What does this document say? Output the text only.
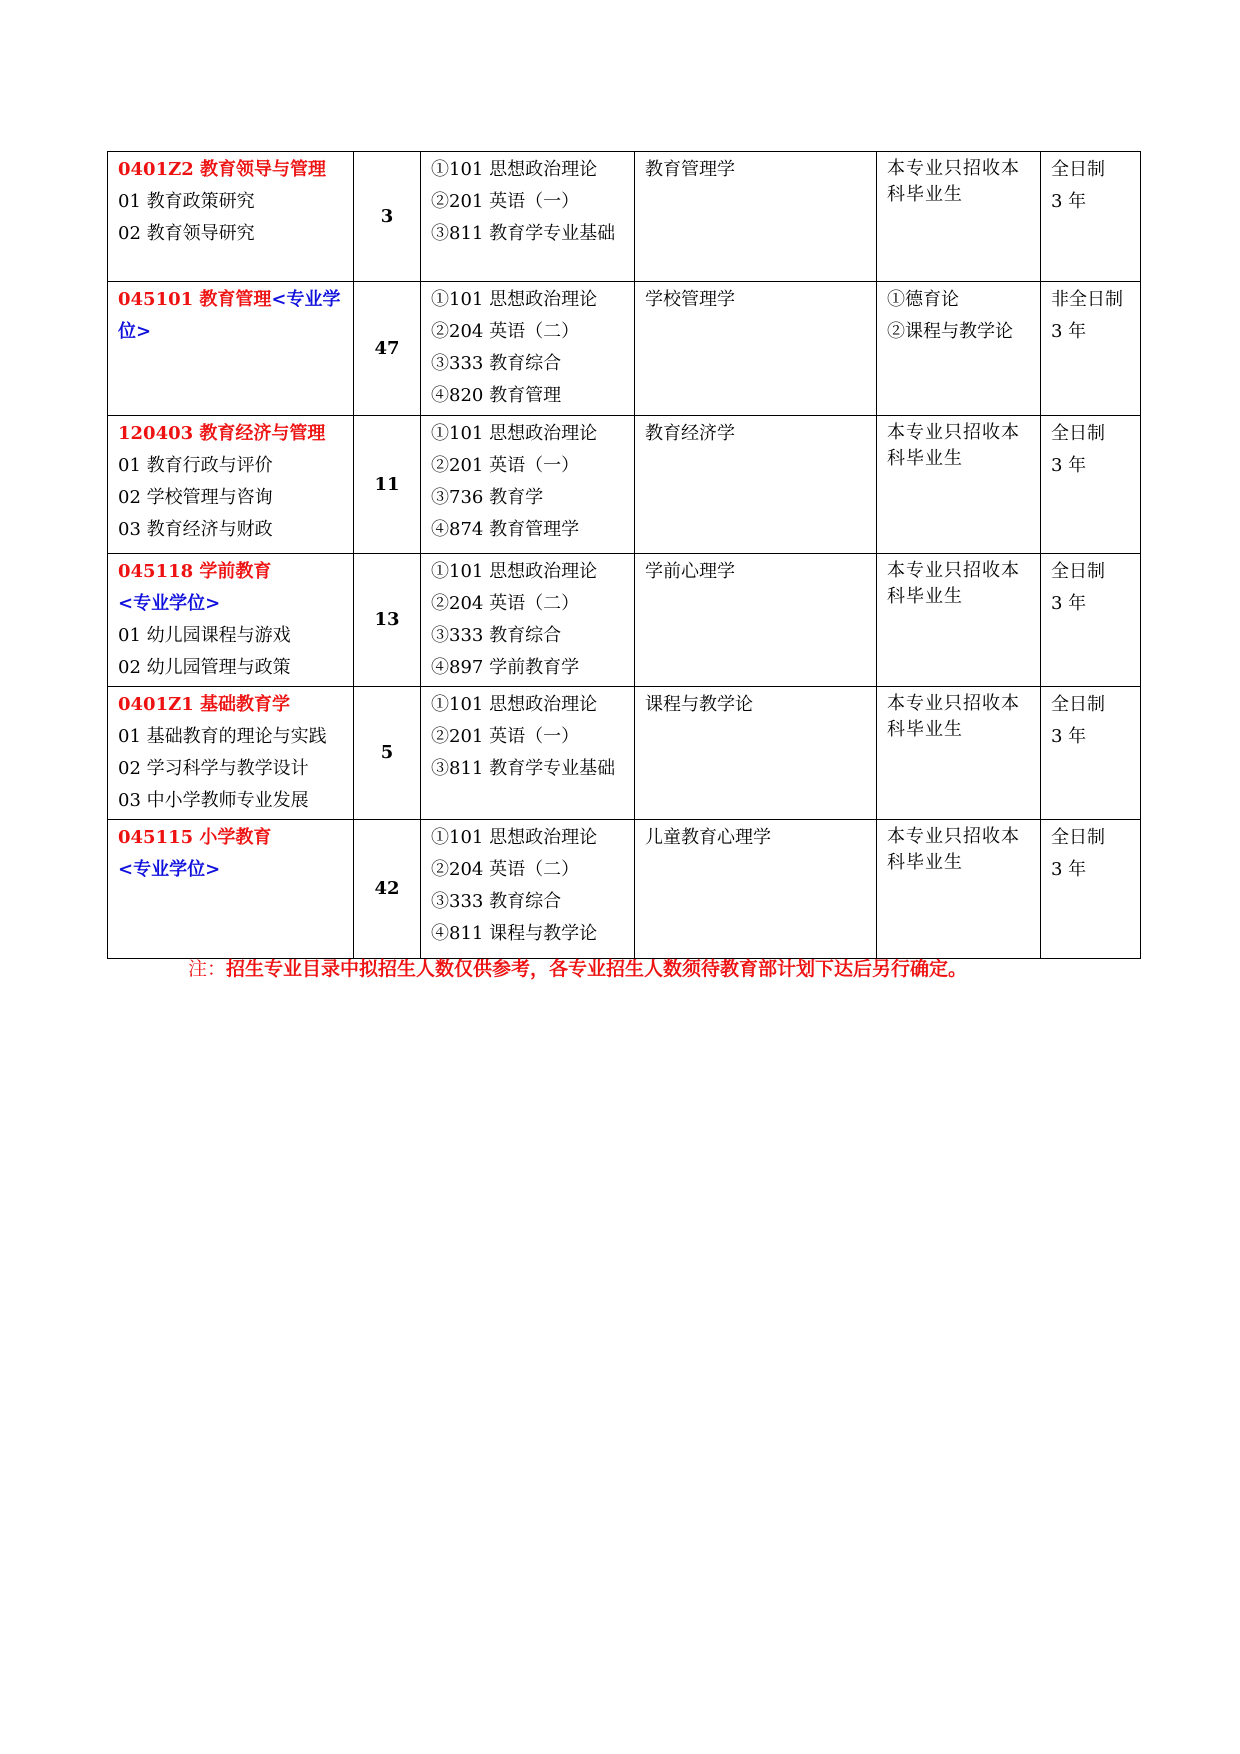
0401Z2 教育领导与管理
01 教育政策研究
02 教育领导研究	3	①101 思想政治理论
②201 英语（一）
③811 教育学专业基础	教育管理学	本专业只招收本科毕业生	全日制
3 年

045101 教育管理<专业学位>	47	①101 思想政治理论
②204 英语（二）
③333 教育综合
④820 教育管理	学校管理学	①德育论
②课程与教学论	非全日制
3 年

120403 教育经济与管理
01 教育行政与评价
02 学校管理与咨询
03 教育经济与财政	11	①101 思想政治理论
②201 英语（一）
③736 教育学
④874 教育管理学	教育经济学	本专业只招收本科毕业生	全日制
3 年

045118 学前教育
<专业学位>
01 幼儿园课程与游戏
02 幼儿园管理与政策	13	①101 思想政治理论
②204 英语（二）
③333 教育综合
④897 学前教育学	学前心理学	本专业只招收本科毕业生	全日制
3 年

0401Z1 基础教育学
01 基础教育的理论与实践
02 学习科学与教学设计
03 中小学教师专业发展	5	①101 思想政治理论
②201 英语（一）
③811 教育学专业基础	课程与教学论	本专业只招收本科毕业生	全日制
3 年

045115 小学教育
<专业学位>	42	①101 思想政治理论
②204 英语（二）
③333 教育综合
④811 课程与教学论	儿童教育心理学	本专业只招收本科毕业生	全日制
3 年
注：招生专业目录中拟招生人数仅供参考，各专业招生人数须待教育部计划下达后另行确定。
